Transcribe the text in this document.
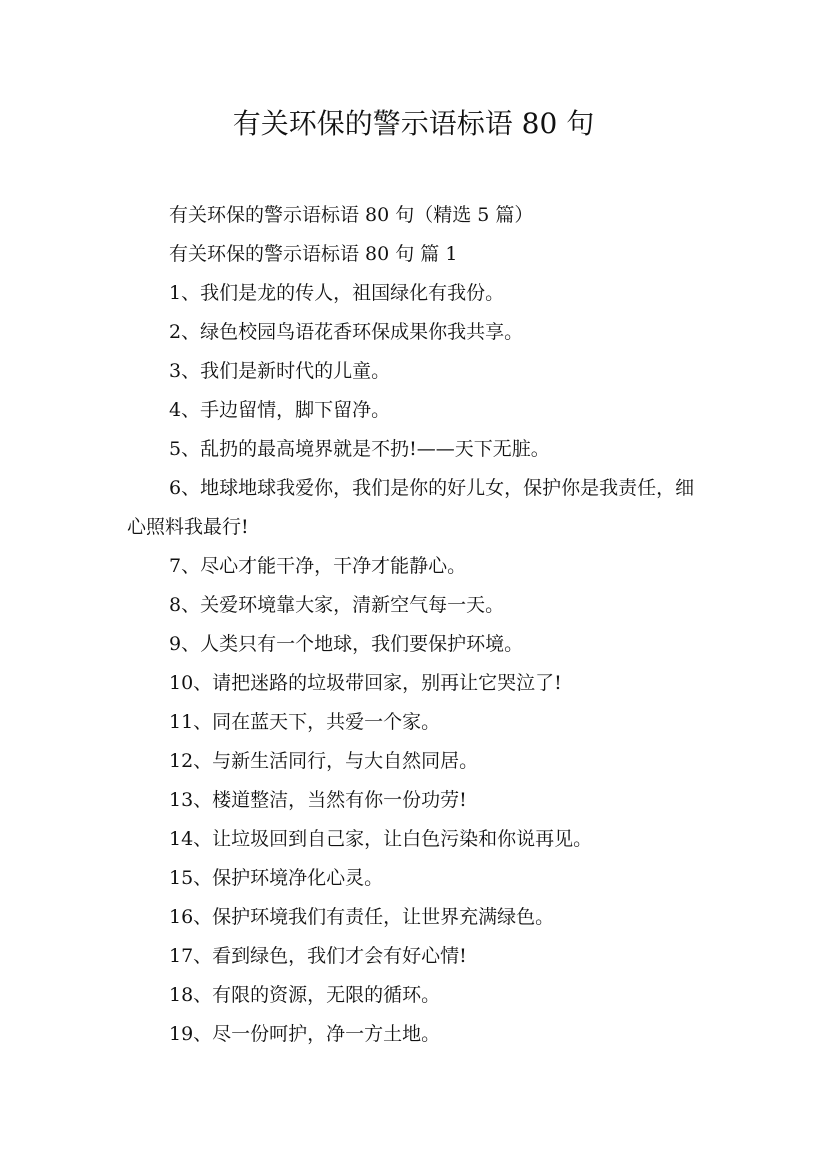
有关环保的警示语标语 80 句

有关环保的警示语标语 80 句（精选 5 篇）

有关环保的警示语标语 80 句 篇 1

1、我们是龙的传人，祖国绿化有我份。

2、绿色校园鸟语花香环保成果你我共享。

3、我们是新时代的儿童。

4、手边留情，脚下留净。

5、乱扔的最高境界就是不扔!——天下无脏。

6、地球地球我爱你，我们是你的好儿女，保护你是我责任，细心照料我最行!

7、尽心才能干净，干净才能静心。

8、关爱环境靠大家，清新空气每一天。

9、人类只有一个地球，我们要保护环境。

10、请把迷路的垃圾带回家，别再让它哭泣了!

11、同在蓝天下，共爱一个家。

12、与新生活同行，与大自然同居。

13、楼道整洁，当然有你一份功劳!

14、让垃圾回到自己家，让白色污染和你说再见。

15、保护环境净化心灵。

16、保护环境我们有责任，让世界充满绿色。

17、看到绿色，我们才会有好心情!

18、有限的资源，无限的循环。

19、尽一份呵护，净一方土地。
